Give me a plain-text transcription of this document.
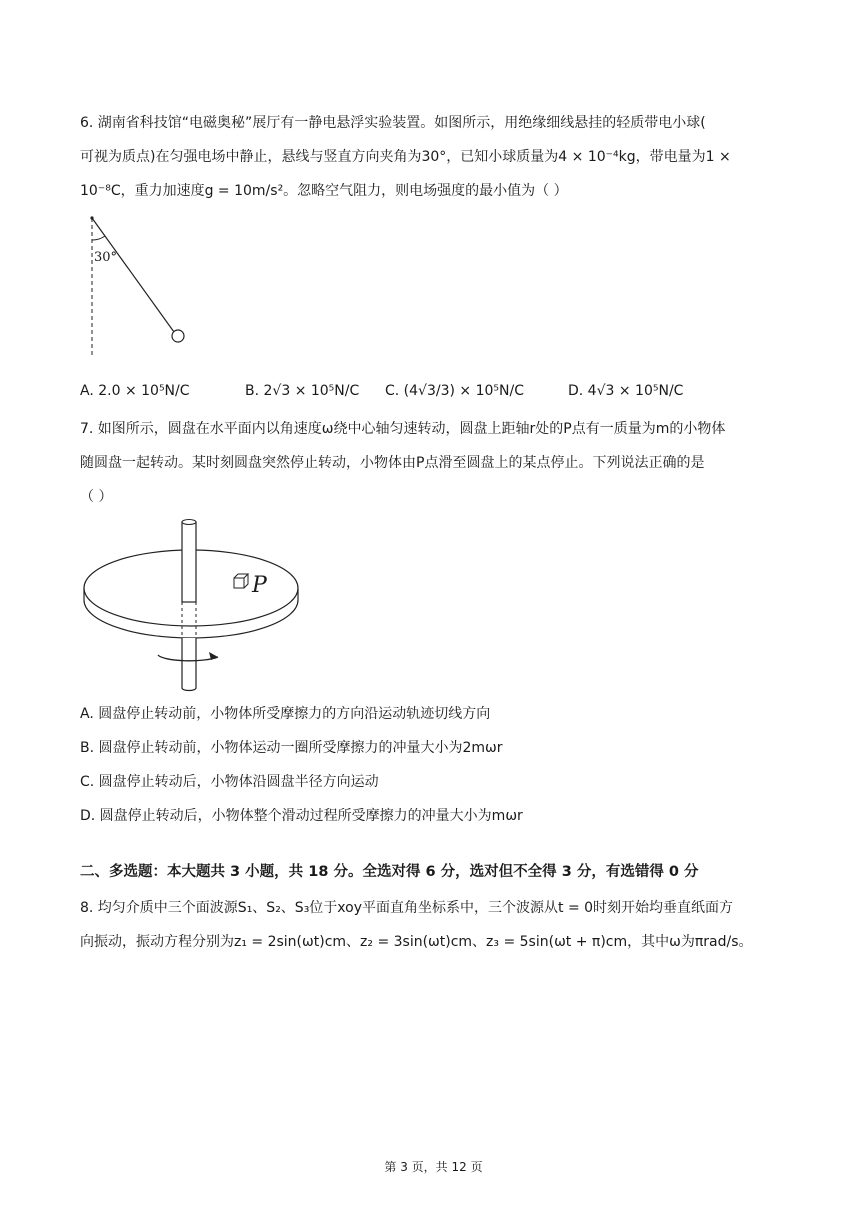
6. 湖南省科技馆“电磁奥秘”展厅有一静电悬浮实验装置。如图所示，用绝缘细线悬挂的轻质带电小球(
可视为质点)在匀强电场中静止，悬线与竖直方向夹角为30°，已知小球质量为4 × 10⁻⁴kg，带电量为1 ×
10⁻⁸C，重力加速度g = 10m/s²。忽略空气阻力，则电场强度的最小值为（ ）
30°
A. 2.0 × 10⁵N/C	B. 2√3 × 10⁵N/C C. (4√3/3) × 10⁵N/C	D. 4√3 × 10⁵N/C
7. 如图所示，圆盘在水平面内以角速度ω绕中心轴匀速转动，圆盘上距轴r处的P点有一质量为m的小物体
随圆盘一起转动。某时刻圆盘突然停止转动，小物体由P点滑至圆盘上的某点停止。下列说法正确的是
（ ）
P
A. 圆盘停止转动前，小物体所受摩擦力的方向沿运动轨迹切线方向
B. 圆盘停止转动前，小物体运动一圈所受摩擦力的冲量大小为2mωr
C. 圆盘停止转动后，小物体沿圆盘半径方向运动
D. 圆盘停止转动后，小物体整个滑动过程所受摩擦力的冲量大小为mωr
二、多选题：本大题共 3 小题，共 18 分。全选对得 6 分，选对但不全得 3 分，有选错得 0 分
8. 均匀介质中三个面波源S₁、S₂、S₃位于xoy平面直角坐标系中，三个波源从t = 0时刻开始均垂直纸面方
向振动，振动方程分别为z₁ = 2sin(ωt)cm、z₂ = 3sin(ωt)cm、z₃ = 5sin(ωt + π)cm，其中ω为πrad/s。
第 3 页，共 12 页
